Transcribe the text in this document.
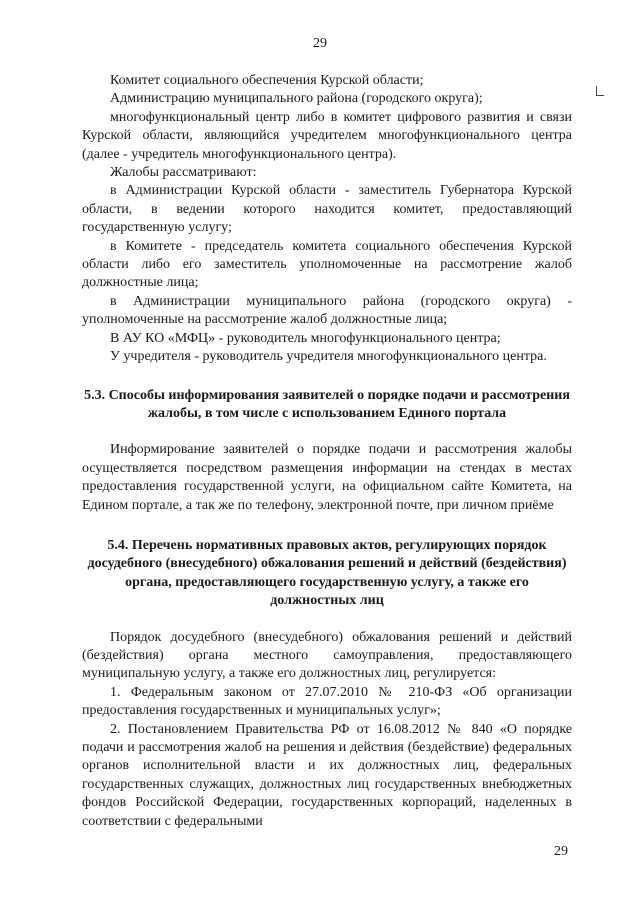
29

Комитет социального обеспечения Курской области;

Администрацию муниципального района (городского округа);

многофункциональный центр либо в комитет цифрового развития и связи Курской области, являющийся учредителем многофункционального центра (далее - учредитель многофункционального центра).

Жалобы рассматривают:

в Администрации Курской области - заместитель Губернатора Курской области, в ведении которого находится комитет, предоставляющий государственную услугу;

в Комитете - председатель комитета социального обеспечения Курской области либо его заместитель уполномоченные на рассмотрение жалоб должностные лица;

в Администрации муниципального района (городского округа) - уполномоченные на рассмотрение жалоб должностные лица;

В АУ КО «МФЦ» - руководитель многофункционального центра;

У учредителя - руководитель учредителя многофункционального центра.

5.3. Способы информирования заявителей о порядке подачи и рассмотрения жалобы, в том числе с использованием Единого портала

Информирование заявителей о порядке подачи и рассмотрения жалобы осуществляется посредством размещения информации на стендах в местах предоставления государственной услуги, на официальном сайте Комитета, на Едином портале, а так же по телефону, электронной почте, при личном приёме

5.4. Перечень нормативных правовых актов, регулирующих порядок досудебного (внесудебного) обжалования решений и действий (бездействия) органа, предоставляющего государственную услугу, а также его должностных лиц

Порядок досудебного (внесудебного) обжалования решений и действий (бездействия) органа местного самоуправления, предоставляющего муниципальную услугу, а также его должностных лиц, регулируется:

1. Федеральным законом от 27.07.2010 № 210-ФЗ «Об организации предоставления государственных и муниципальных услуг»;

2. Постановлением Правительства РФ от 16.08.2012 № 840 «О порядке подачи и рассмотрения жалоб на решения и действия (бездействие) федеральных органов исполнительной власти и их должностных лиц, федеральных государственных служащих, должностных лиц государственных внебюджетных фондов Российской Федерации, государственных корпораций, наделенных в соответствии с федеральными

29
